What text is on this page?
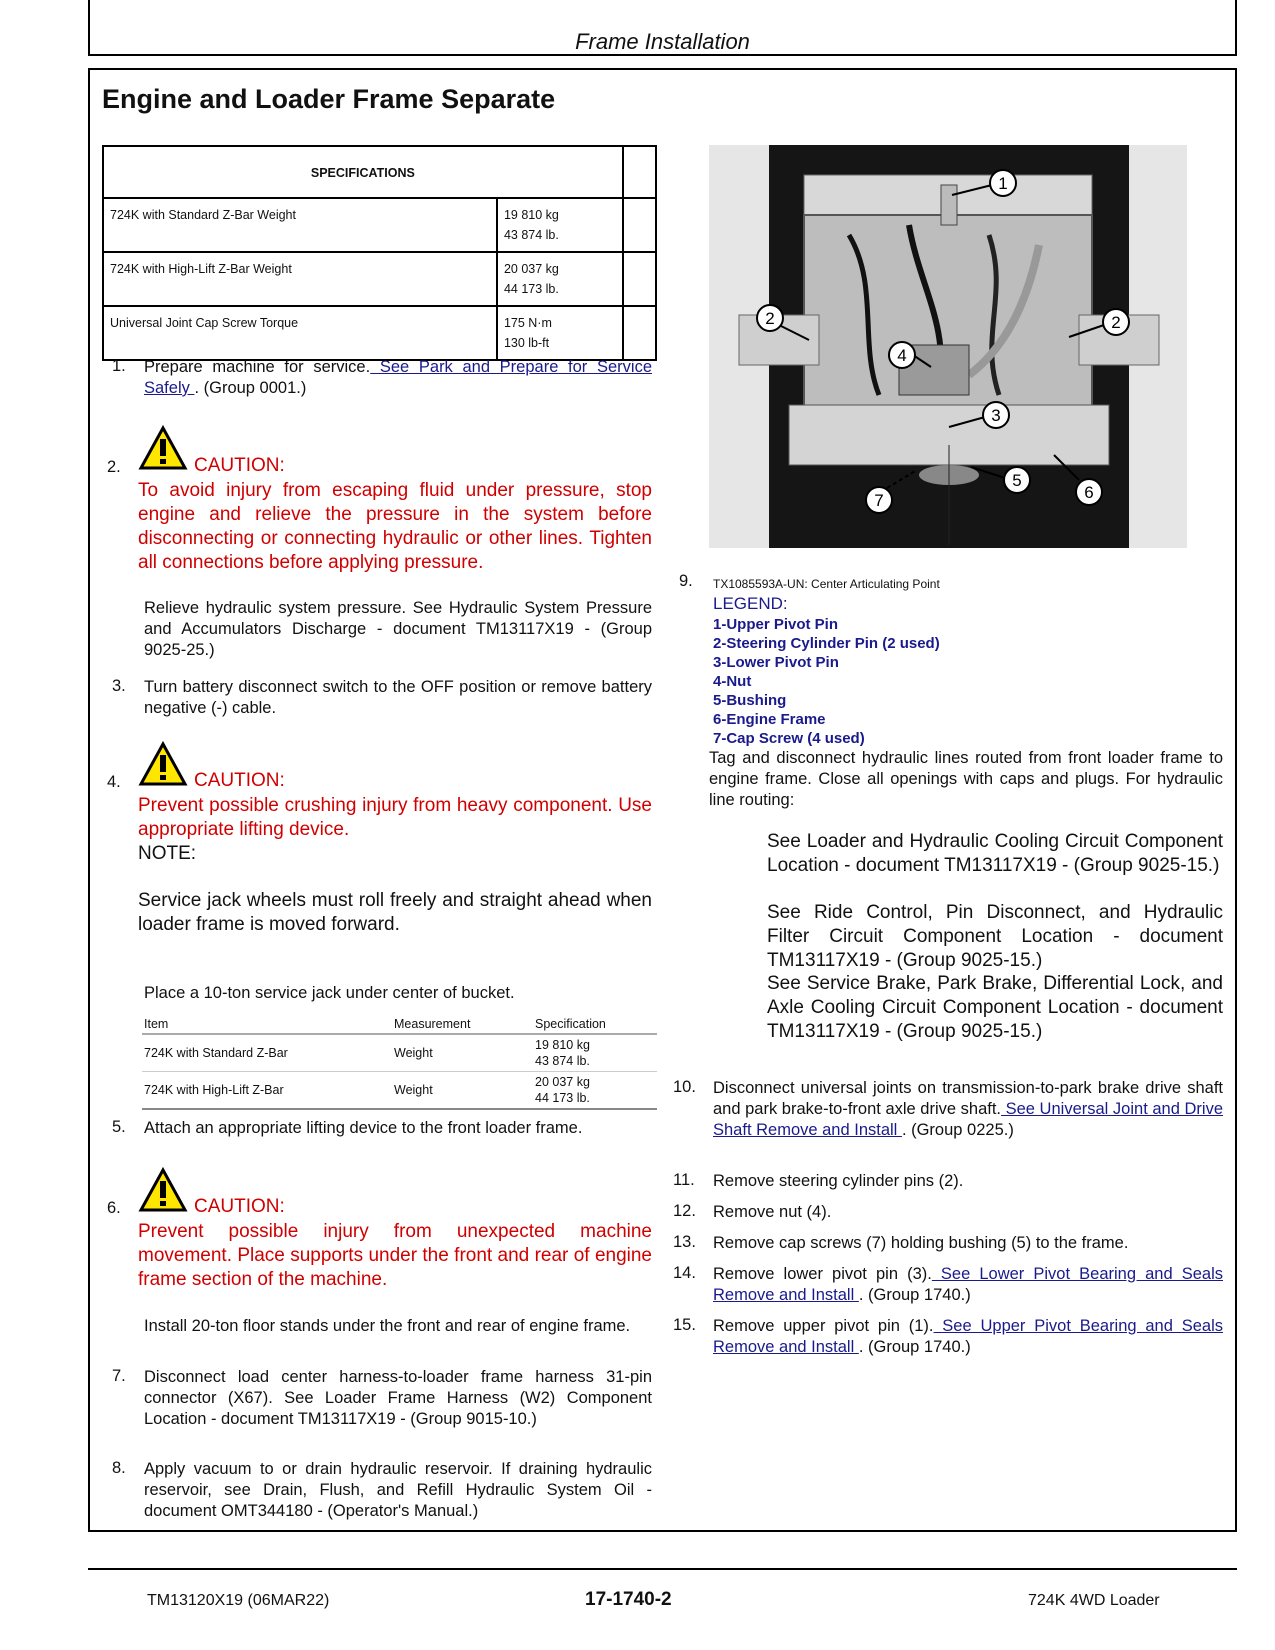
Frame Installation
Engine and Loader Frame Separate
SPECIFICATIONS		
724K with Standard Z-Bar Weight	19 810 kg
43 874 lb.	

724K with High-Lift Z-Bar Weight	20 037 kg
44 173 lb.	

Universal Joint Cap Screw Torque	175 N·m
130 lb-ft	

1. Prepare machine for service. See Park and Prepare for Service Safely . (Group 0001.)
2.	CAUTION:
To avoid injury from escaping fluid under pressure, stop engine and relieve the pressure in the system before disconnecting or connecting hydraulic or other lines. Tighten all connections before applying pressure.
Relieve hydraulic system pressure. See Hydraulic System Pressure and Accumulators Discharge - document TM13117X19 - (Group 9025-25.)
3. Turn battery disconnect switch to the OFF position or remove battery negative (-) cable.
4.	CAUTION:
Prevent possible crushing injury from heavy component. Use appropriate lifting device.
NOTE:
Service jack wheels must roll freely and straight ahead when loader frame is moved forward.
Place a 10-ton service jack under center of bucket.
Item	Measurement	Specification
724K with Standard Z-Bar	Weight	19 810 kg
43 874 lb.

724K with High-Lift Z-Bar	Weight	20 037 kg
44 173 lb.
5. Attach an appropriate lifting device to the front loader frame.
6.	CAUTION:
Prevent possible injury from unexpected machine movement. Place supports under the front and rear of engine frame section of the machine.
Install 20-ton floor stands under the front and rear of engine frame.
7. Disconnect load center harness-to-loader frame harness 31-pin connector (X67). See Loader Frame Harness (W2) Component Location - document TM13117X19 - (Group 9015-10.)
8. Apply vacuum to or drain hydraulic reservoir. If draining hydraulic reservoir, see Drain, Flush, and Refill Hydraulic System Oil - document OMT344180 - (Operator's Manual.)
1
2	2
3
4
5
6
7
9. TX1085593A-UN: Center Articulating Point
LEGEND:
1-Upper Pivot Pin
2-Steering Cylinder Pin (2 used)
3-Lower Pivot Pin
4-Nut
5-Bushing
6-Engine Frame
7-Cap Screw (4 used)
Tag and disconnect hydraulic lines routed from front loader frame to engine frame. Close all openings with caps and plugs. For hydraulic line routing:
See Loader and Hydraulic Cooling Circuit Component Location - document TM13117X19 - (Group 9025-15.)
See Ride Control, Pin Disconnect, and Hydraulic Filter Circuit Component Location - document TM13117X19 - (Group 9025-15.)
See Service Brake, Park Brake, Differential Lock, and Axle Cooling Circuit Component Location - document TM13117X19 - (Group 9025-15.)
10. Disconnect universal joints on transmission-to-park brake drive shaft and park brake-to-front axle drive shaft. See Universal Joint and Drive Shaft Remove and Install . (Group 0225.)
11. Remove steering cylinder pins (2).
12. Remove nut (4).
13. Remove cap screws (7) holding bushing (5) to the frame.
14. Remove lower pivot pin (3). See Lower Pivot Bearing and Seals Remove and Install . (Group 1740.)
15. Remove upper pivot pin (1). See Upper Pivot Bearing and Seals Remove and Install . (Group 1740.)
TM13120X19 (06MAR22)	17-1740-2	724K 4WD Loader
